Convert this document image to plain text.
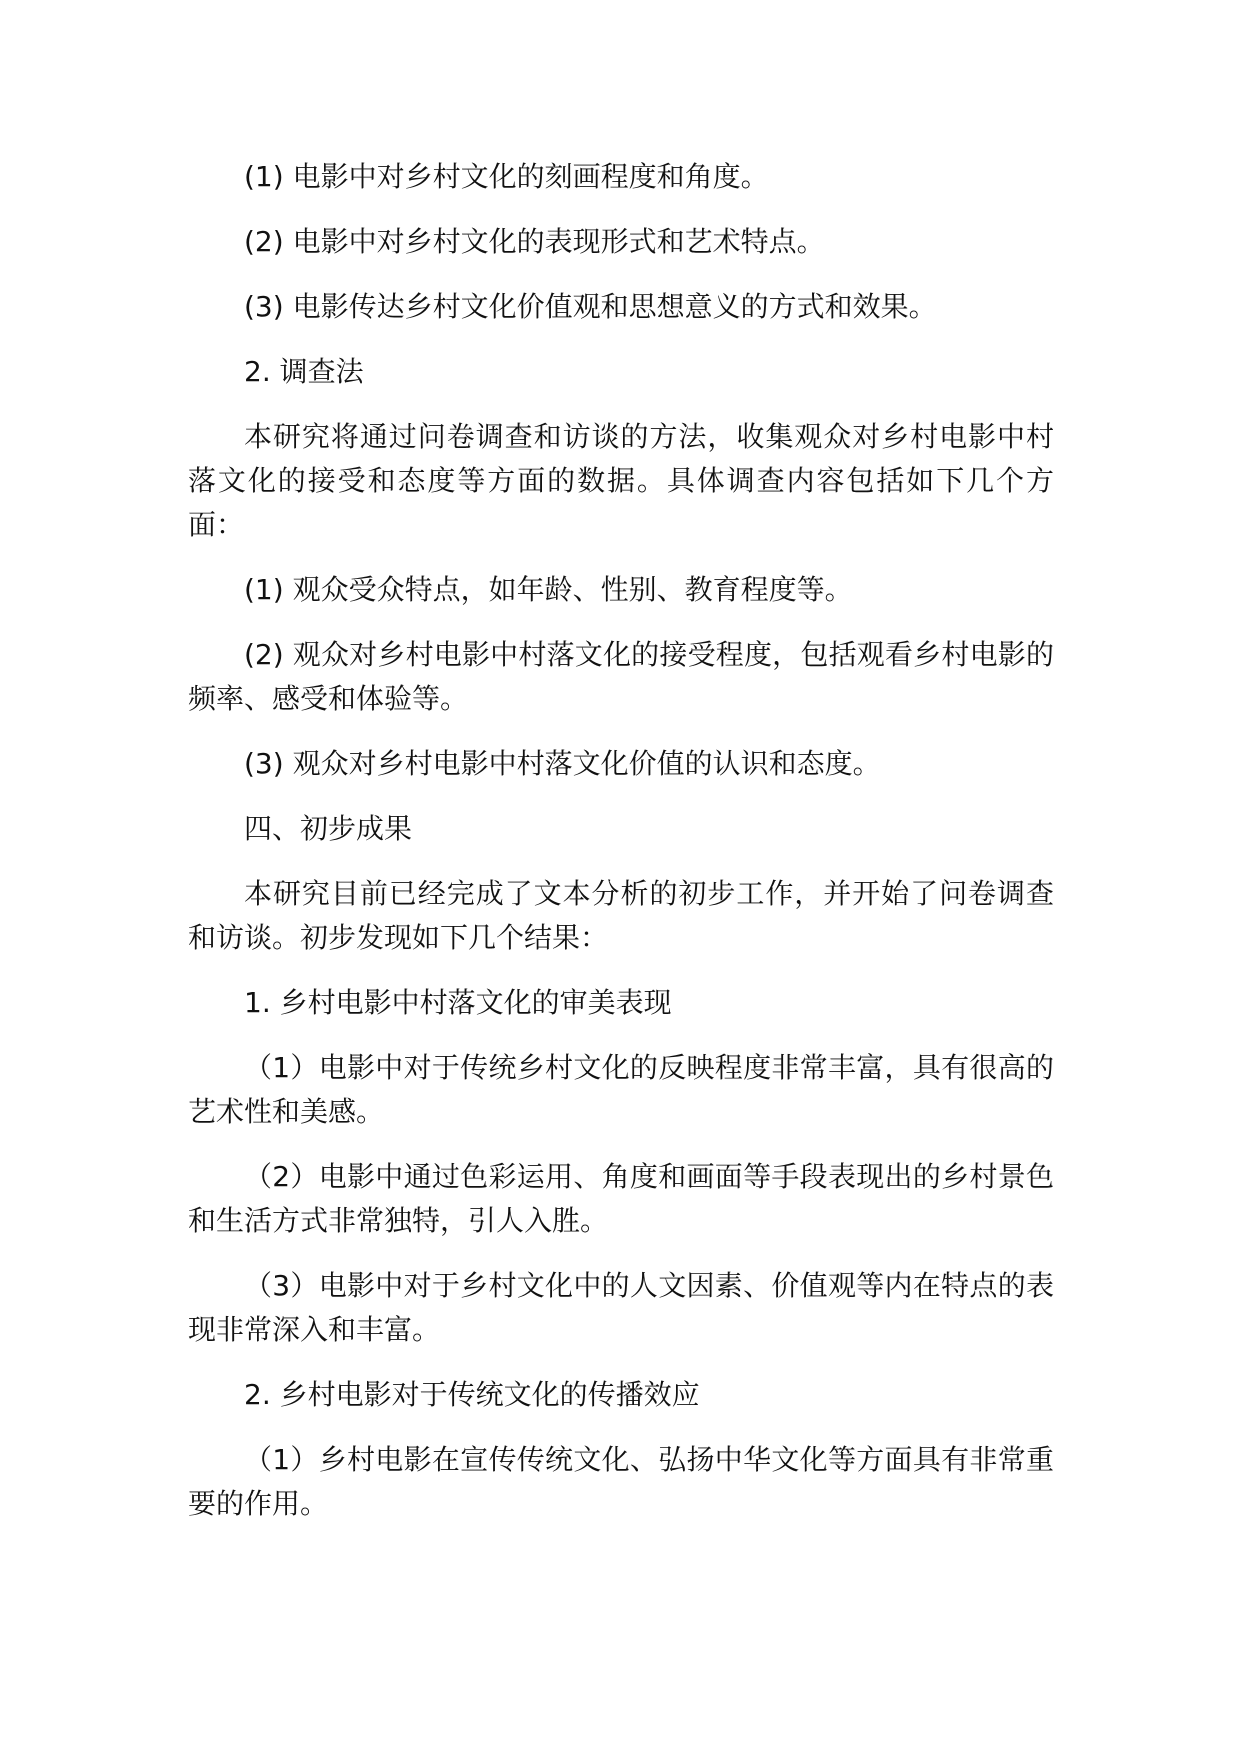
(1) 电影中对乡村文化的刻画程度和角度。

(2) 电影中对乡村文化的表现形式和艺术特点。

(3) 电影传达乡村文化价值观和思想意义的方式和效果。

2. 调查法

本研究将通过问卷调查和访谈的方法，收集观众对乡村电影中村落文化的接受和态度等方面的数据。具体调查内容包括如下几个方面：

(1) 观众受众特点，如年龄、性别、教育程度等。

(2) 观众对乡村电影中村落文化的接受程度，包括观看乡村电影的频率、感受和体验等。

(3) 观众对乡村电影中村落文化价值的认识和态度。

四、初步成果

本研究目前已经完成了文本分析的初步工作，并开始了问卷调查和访谈。初步发现如下几个结果：

1. 乡村电影中村落文化的审美表现

（1）电影中对于传统乡村文化的反映程度非常丰富，具有很高的艺术性和美感。

（2）电影中通过色彩运用、角度和画面等手段表现出的乡村景色和生活方式非常独特，引人入胜。

（3）电影中对于乡村文化中的人文因素、价值观等内在特点的表现非常深入和丰富。

2. 乡村电影对于传统文化的传播效应

（1）乡村电影在宣传传统文化、弘扬中华文化等方面具有非常重要的作用。
